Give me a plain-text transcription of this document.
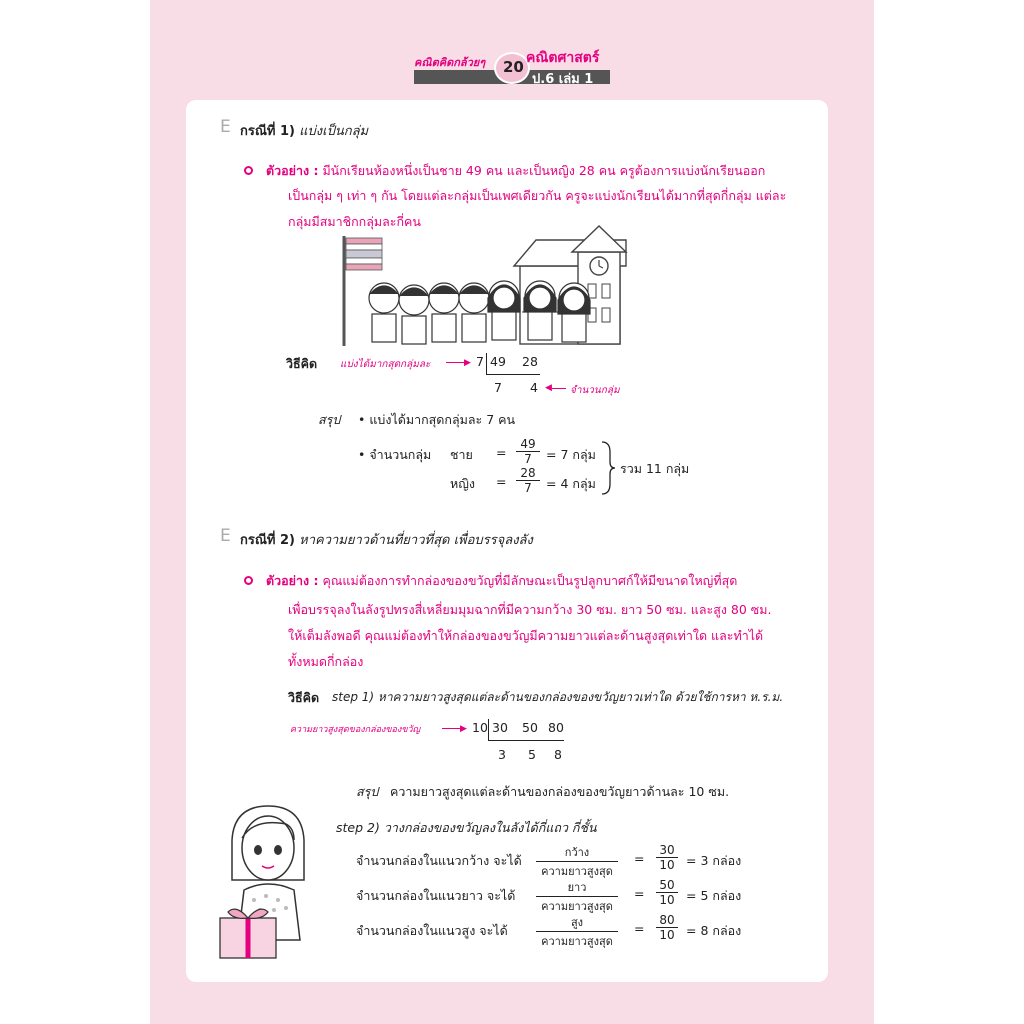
คณิตคิดกล้วยๆ 20 คณิตศาสตร์
ป.6 เล่ม 1
E กรณีที่ 1) แบ่งเป็นกลุ่ม
ตัวอย่าง : มีนักเรียนห้องหนึ่งเป็นชาย 49 คน และเป็นหญิง 28 คน ครูต้องการแบ่งนักเรียนออก
เป็นกลุ่ม ๆ เท่า ๆ กัน โดยแต่ละกลุ่มเป็นเพศเดียวกัน ครูจะแบ่งนักเรียนได้มากที่สุดกี่กลุ่ม แต่ละ
กลุ่มมีสมาชิกกลุ่มละกี่คน
วิธีคิด แบ่งได้มากสุดกลุ่มละ	▶ 7 49 28
7 4 ◀ จำนวนกลุ่ม
สรุป • แบ่งได้มากสุดกลุ่มละ 7 คน
• จำนวนกลุ่ม ชาย = $\frac{49}{7} = 7$ กลุ่ม
หญิง = $\frac{28}{7} = 4$ กลุ่ม
รวม 11 กลุ่ม
E กรณีที่ 2) หาความยาวด้านที่ยาวที่สุด เพื่อบรรจุลงลัง
ตัวอย่าง : คุณแม่ต้องการทำกล่องของขวัญที่มีลักษณะเป็นรูปลูกบาศก์ให้มีขนาดใหญ่ที่สุด
เพื่อบรรจุลงในลังรูปทรงสี่เหลี่ยมมุมฉากที่มีความกว้าง 30 ซม. ยาว 50 ซม. และสูง 80 ซม.
ให้เต็มลังพอดี คุณแม่ต้องทำให้กล่องของขวัญมีความยาวแต่ละด้านสูงสุดเท่าใด และทำได้
ทั้งหมดกี่กล่อง
วิธีคิด step 1) หาความยาวสูงสุดแต่ละด้านของกล่องของขวัญยาวเท่าใด ด้วยใช้การหา ห.ร.ม.
ความยาวสูงสุดของกล่องของขวัญ	▶ 10 30 50 80
3 5 8
สรุป ความยาวสูงสุดแต่ละด้านของกล่องของขวัญยาวด้านละ 10 ซม.
step 2) วางกล่องของขวัญลงในลังได้กี่แถว กี่ชั้น
จำนวนกล่องในแนวกว้าง จะได้
กว้าง
ความยาวสูงสุด
= $\frac{30}{10} = 3$ กล่อง
จำนวนกล่องในแนวยาว จะได้
ยาว
ความยาวสูงสุด
= $\frac{50}{10} = 5$ กล่อง
จำนวนกล่องในแนวสูง จะได้
สูง
ความยาวสูงสุด
= $\frac{80}{10} = 8$ กล่อง
